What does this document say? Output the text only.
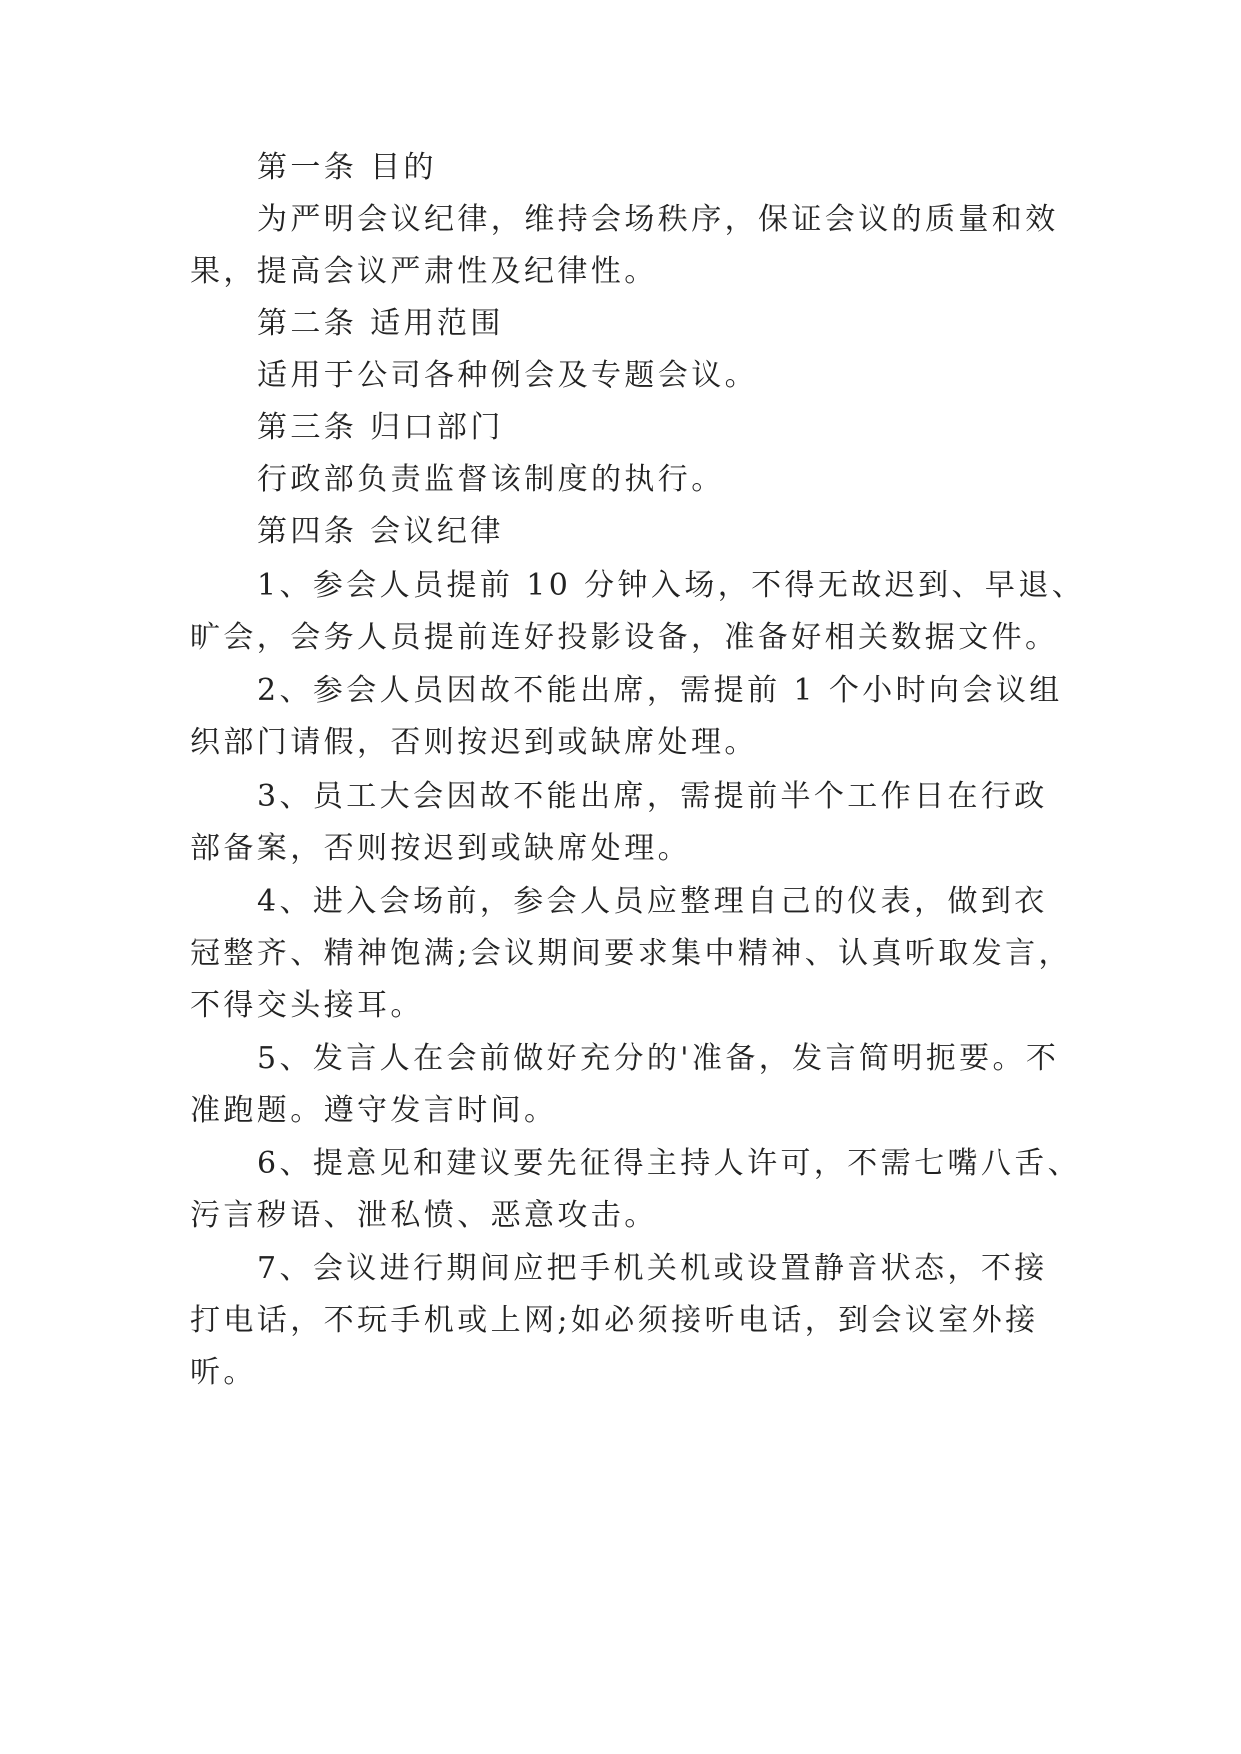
第一条 目的
为严明会议纪律，维持会场秩序，保证会议的质量和效
果，提高会议严肃性及纪律性。
第二条 适用范围
适用于公司各种例会及专题会议。
第三条 归口部门
行政部负责监督该制度的执行。
第四条 会议纪律
1、参会人员提前 10 分钟入场，不得无故迟到、早退、
旷会，会务人员提前连好投影设备，准备好相关数据文件。
2、参会人员因故不能出席，需提前 1 个小时向会议组
织部门请假，否则按迟到或缺席处理。
3、员工大会因故不能出席，需提前半个工作日在行政
部备案，否则按迟到或缺席处理。
4、进入会场前，参会人员应整理自己的仪表，做到衣
冠整齐、精神饱满;会议期间要求集中精神、认真听取发言，
不得交头接耳。
5、发言人在会前做好充分的'准备，发言简明扼要。不
准跑题。遵守发言时间。
6、提意见和建议要先征得主持人许可，不需七嘴八舌、
污言秽语、泄私愤、恶意攻击。
7、会议进行期间应把手机关机或设置静音状态，不接
打电话，不玩手机或上网;如必须接听电话，到会议室外接
听。
